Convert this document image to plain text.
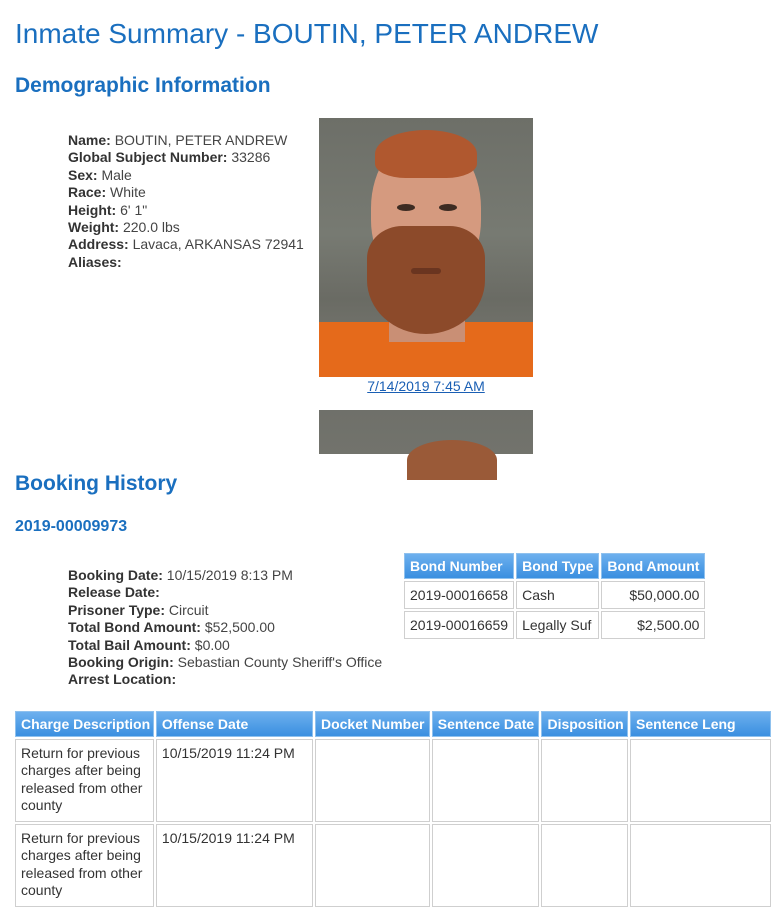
Inmate Summary - BOUTIN, PETER ANDREW
Demographic Information
Name: BOUTIN, PETER ANDREW
Global Subject Number: 33286
Sex: Male
Race: White
Height: 6' 1"
Weight: 220.0 lbs
Address: Lavaca, ARKANSAS 72941
Aliases:
7/14/2019 7:45 AM
Booking History
2019-00009973
Booking Date: 10/15/2019 8:13 PM
Release Date:
Prisoner Type: Circuit
Total Bond Amount: $52,500.00
Total Bail Amount: $0.00
Booking Origin: Sebastian County Sheriff's Office
Arrest Location:
Bond Number	Bond Type	Bond Amount
2019-00016658	Cash	$50,000.00
2019-00016659	Legally Suf	$2,500.00
Charge Description	Offense Date	Docket Number	Sentence Date	Disposition	Sentence Leng
Return for previous charges after being released from other county	10/15/2019 11:24 PM				
Return for previous charges after being released from other county	10/15/2019 11:24 PM				
